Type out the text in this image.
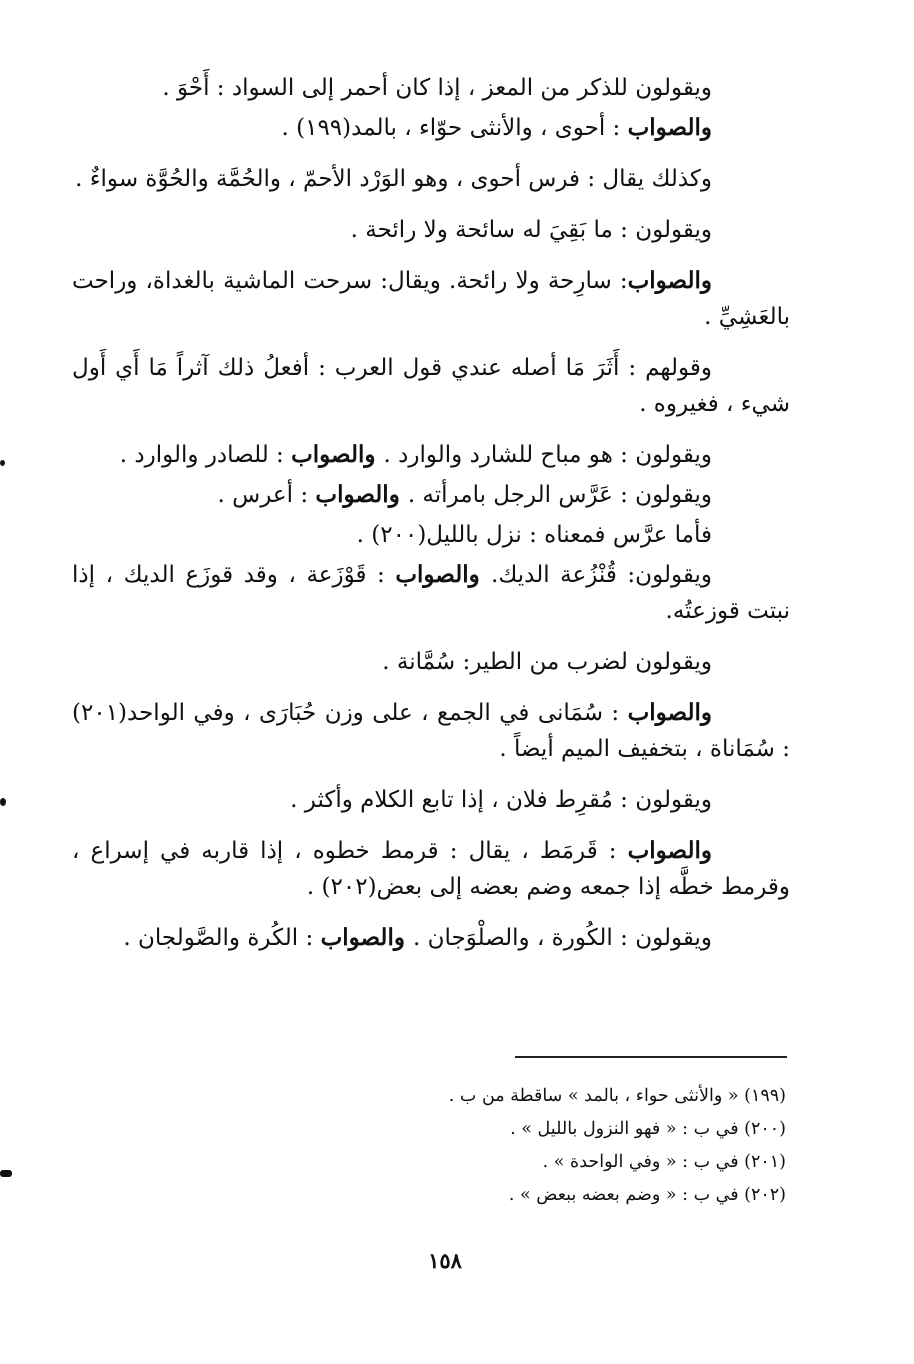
ويقولون للذكر من المعز ، إذا كان أحمر إلى السواد : أَحْوَ .

والصواب : أحوى ، والأنثى حوّاء ، بالمد(١٩٩) .

وكذلك يقال : فرس أحوى ، وهو الوَرْد الأحمّ ، والحُمَّة والحُوَّة سواءٌ .

ويقولون : ما بَقِيَ له سائحة ولا رائحة .

والصواب: سارِحة ولا رائحة. ويقال: سرحت الماشية بالغداة، وراحت بالعَشِيِّ .

وقولهم : أَثَرَ مَا أصله عندي قول العرب : أفعلُ ذلك آثراً مَا أَي أَول شيء ، فغيروه .

ويقولون : هو مباح للشارد والوارد . والصواب : للصادر والوارد .

ويقولون : عَرَّس الرجل بامرأته . والصواب : أعرس .

فأما عرَّس فمعناه : نزل بالليل(٢٠٠) .

ويقولون: قُنْزُعة الديك. والصواب : قَوْزَعة ، وقد قوزَع الديك ، إذا نبتت قوزعتُه.

ويقولون لضرب من الطير: سُمَّانة .

والصواب : سُمَانى في الجمع ، على وزن حُبَارَى ، وفي الواحد(٢٠١) : سُمَاناة ، بتخفيف الميم أيضاً .

ويقولون : مُقرِط فلان ، إذا تابع الكلام وأكثر .

والصواب : قَرمَط ، يقال : قرمط خطوه ، إذا قاربه في إسراع ، وقرمط خطَّه إذا جمعه وضم بعضه إلى بعض(٢٠٢) .

ويقولون : الكُورة ، والصلْوَجان . والصواب : الكُرة والصَّولجان .

(١٩٩) « والأنثى حواء ، بالمد » ساقطة من ب .
(٢٠٠) في ب : « فهو النزول بالليل » .
(٢٠١) في ب : « وفي الواحدة » .
(٢٠٢) في ب : « وضم بعضه ببعض » .
١٥٨
